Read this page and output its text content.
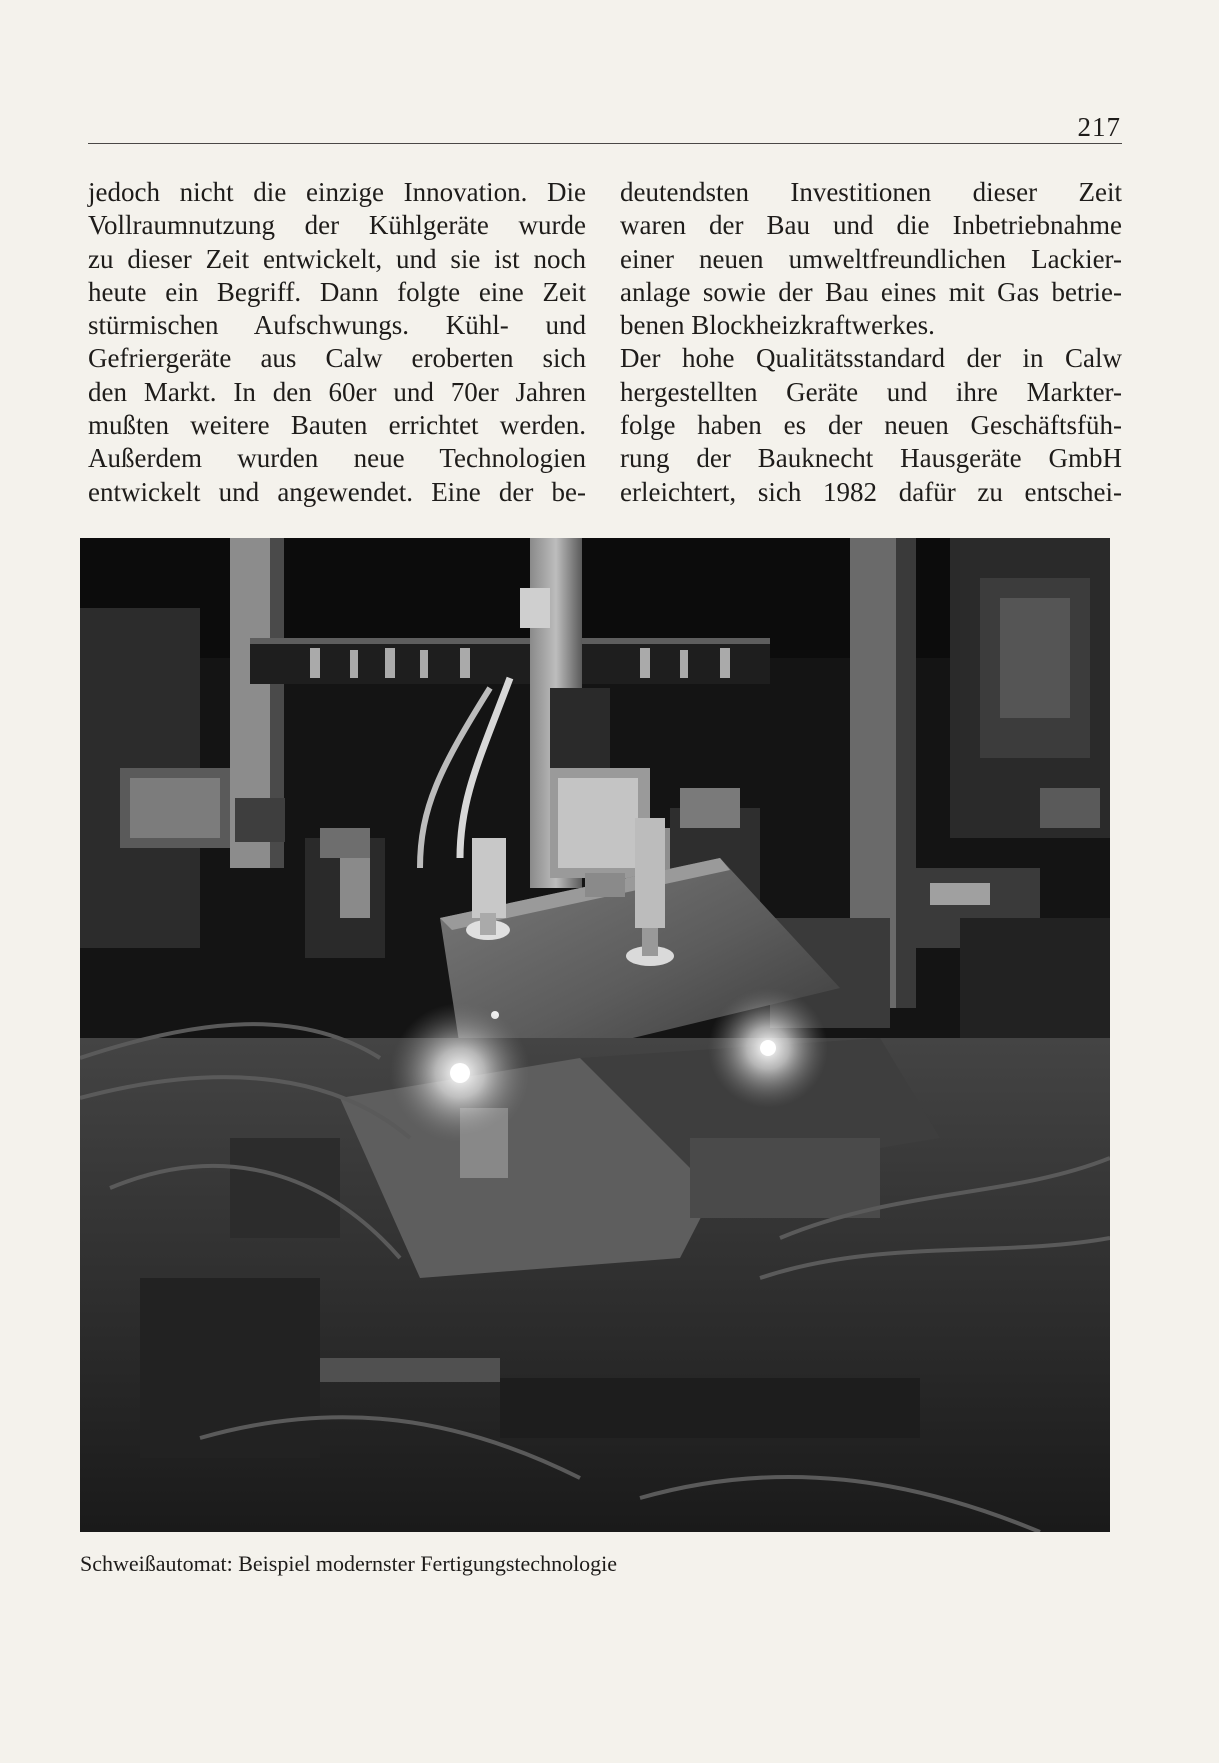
217
jedoch nicht die einzige Innovation. Die
Vollraumnutzung der Kühlgeräte wurde
zu dieser Zeit entwickelt, und sie ist noch
heute ein Begriff. Dann folgte eine Zeit
stürmischen Aufschwungs. Kühl- und
Gefriergeräte aus Calw eroberten sich
den Markt. In den 60er und 70er Jahren
mußten weitere Bauten errichtet werden.
Außerdem wurden neue Technologien
entwickelt und angewendet. Eine der be-
deutendsten Investitionen dieser Zeit
waren der Bau und die Inbetriebnahme
einer neuen umweltfreundlichen Lackier-
anlage sowie der Bau eines mit Gas betrie-
benen Blockheizkraftwerkes.
Der hohe Qualitätsstandard der in Calw
hergestellten Geräte und ihre Markter-
folge haben es der neuen Geschäftsfüh-
rung der Bauknecht Hausgeräte GmbH
erleichtert, sich 1982 dafür zu entschei-
Schweißautomat: Beispiel modernster Fertigungstechnologie
